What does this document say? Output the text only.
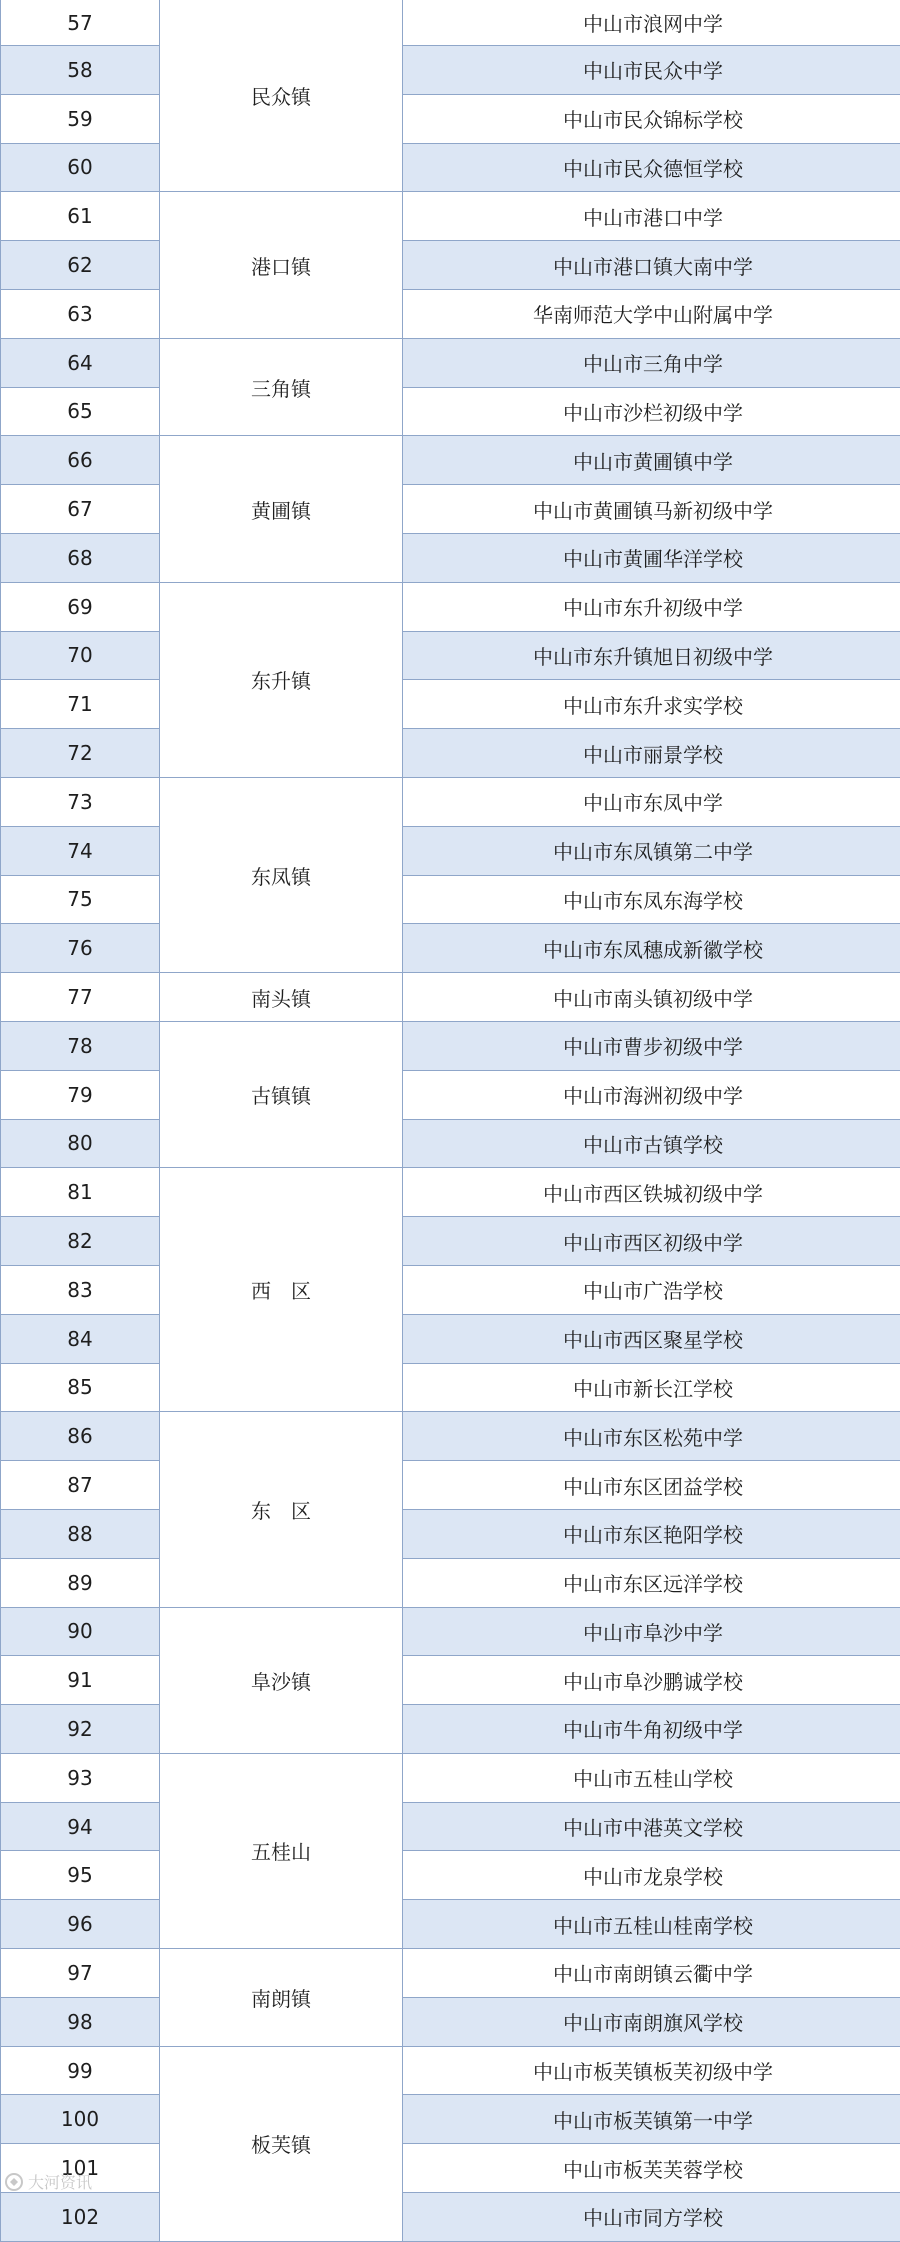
57	民众镇	中山市浪网中学
58		中山市民众中学
59		中山市民众锦标学校
60		中山市民众德恒学校
61	港口镇	中山市港口中学
62		中山市港口镇大南中学
63		华南师范大学中山附属中学
64	三角镇	中山市三角中学
65		中山市沙栏初级中学
66	黄圃镇	中山市黄圃镇中学
67		中山市黄圃镇马新初级中学
68		中山市黄圃华洋学校
69	东升镇	中山市东升初级中学
70		中山市东升镇旭日初级中学
71		中山市东升求实学校
72		中山市丽景学校
73	东凤镇	中山市东凤中学
74		中山市东凤镇第二中学
75		中山市东凤东海学校
76		中山市东凤穗成新徽学校
77	南头镇	中山市南头镇初级中学
78	古镇镇	中山市曹步初级中学
79		中山市海洲初级中学
80		中山市古镇学校
81	西　区	中山市西区铁城初级中学
82		中山市西区初级中学
83		中山市广浩学校
84		中山市西区聚星学校
85		中山市新长江学校
86	东　区	中山市东区松苑中学
87		中山市东区团益学校
88		中山市东区艳阳学校
89		中山市东区远洋学校
90	阜沙镇	中山市阜沙中学
91		中山市阜沙鹏诚学校
92		中山市牛角初级中学
93	五桂山	中山市五桂山学校
94		中山市中港英文学校
95		中山市龙泉学校
96		中山市五桂山桂南学校
97	南朗镇	中山市南朗镇云衢中学
98		中山市南朗旗风学校
99	板芙镇	中山市板芙镇板芙初级中学
100		中山市板芙镇第一中学
101		中山市板芙芙蓉学校
102		中山市同方学校
大河资讯
